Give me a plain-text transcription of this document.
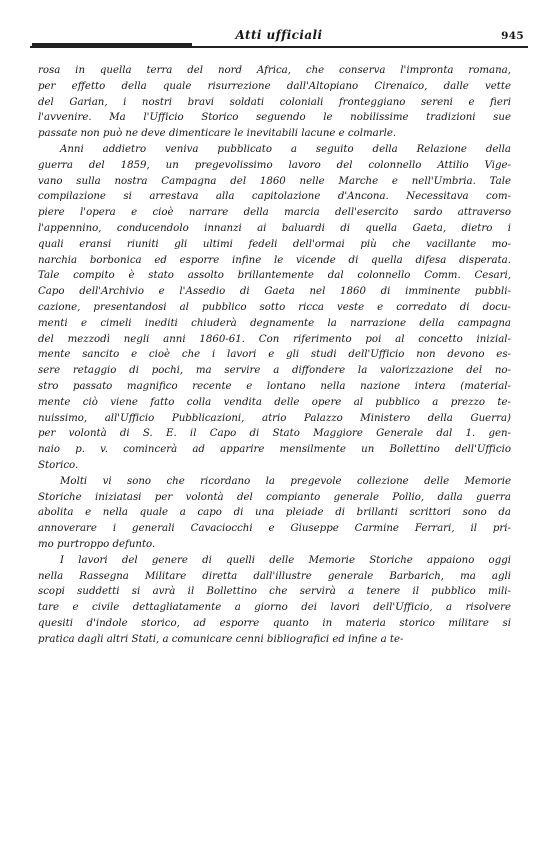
Atti ufficiali	945
rosa in quella terra del nord Africa, che conserva l'impronta romana,
per effetto della quale risurrezione dall'Altopiano Cirenaico, dalle vette
del Garian, i nostri bravi soldati coloniali fronteggiano sereni e fieri
l'avvenire. Ma l'Ufficio Storico seguendo le nobilissime tradizioni sue
passate non può ne deve dimenticare le inevitabili lacune e colmarle.
Anni addietro veniva pubblicato a seguito della Relazione della
guerra del 1859, un pregevolissimo lavoro del colonnello Attilio Vige-
vano sulla nostra Campagna del 1860 nelle Marche e nell'Umbria. Tale
compilazione si arrestava alla capitolazione d'Ancona. Necessitava com-
piere l'opera e cioè narrare della marcia dell'esercito sardo attraverso
l'appennino, conducendolo innanzi ai baluardi di quella Gaeta, dietro i
quali eransi riuniti gli ultimi fedeli dell'ormai più che vacillante mo-
narchia borbonica ed esporre infine le vicende di quella difesa disperata.
Tale compito è stato assolto brillantemente dal colonnello Comm. Cesari,
Capo dell'Archivio e l'Assedio di Gaeta nel 1860 di imminente pubbli-
cazione, presentandosi al pubblico sotto ricca veste e corredato di docu-
menti e cimeli inediti chiuderà degnamente la narrazione della campagna
del mezzodì negli anni 1860-61. Con riferimento poi al concetto inizial-
mente sancito e cioè che i lavori e gli studi dell'Ufficio non devono es-
sere retaggio di pochi, ma servire a diffondere la valorizzazione del no-
stro passato magnifico recente e lontano nella nazione intera (material-
mente ciò viene fatto colla vendita delle opere al pubblico a prezzo te-
nuissimo, all'Ufficio Pubblicazioni, atrio Palazzo Ministero della Guerra)
per volontà di S. E. il Capo di Stato Maggiore Generale dal 1. gen-
naio p. v. comincerà ad apparire mensilmente un Bollettino dell'Ufficio
Storico.
Molti vi sono che ricordano la pregevole collezione delle Memorie
Storiche iniziatasi per volontà del compianto generale Pollio, dalla guerra
abolita e nella quale a capo di una pleiade di brillanti scrittori sono da
annoverare i generali Cavaciocchi e Giuseppe Carmine Ferrari, il pri-
mo purtroppo defunto.
I lavori del genere di quelli delle Memorie Storiche appaiono oggi
nella Rassegna Militare diretta dall'illustre generale Barbarich, ma agli
scopi suddetti si avrà il Bollettino che servirà a tenere il pubblico mili-
tare e civile dettagliatamente a giorno dei lavori dell'Ufficio, a risolvere
quesiti d'indole storico, ad esporre quanto in materia storico militare si
pratica dagli altri Stati, a comunicare cenni bibliografici ed infine a te-
